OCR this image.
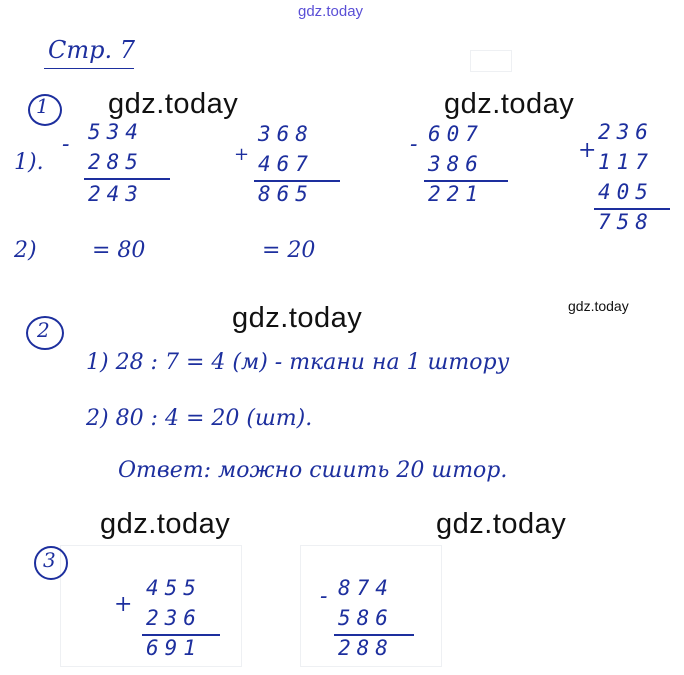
gdz.today
gdz.today	gdz.today
gdz.today	gdz.today
gdz.today	gdz.today
Стр. 7
1
1).
- 534
285
243
+
368
467
865
- 607
386
221
+
236
117
405
758
2)	= 80	= 20
2
1) 28 : 7 = 4 (м) - ткани на 1 штору
2) 80 : 4 = 20 (шт).
Ответ: можно сшить 20 штор.
3
+
455
236
691
- 874
586
288
